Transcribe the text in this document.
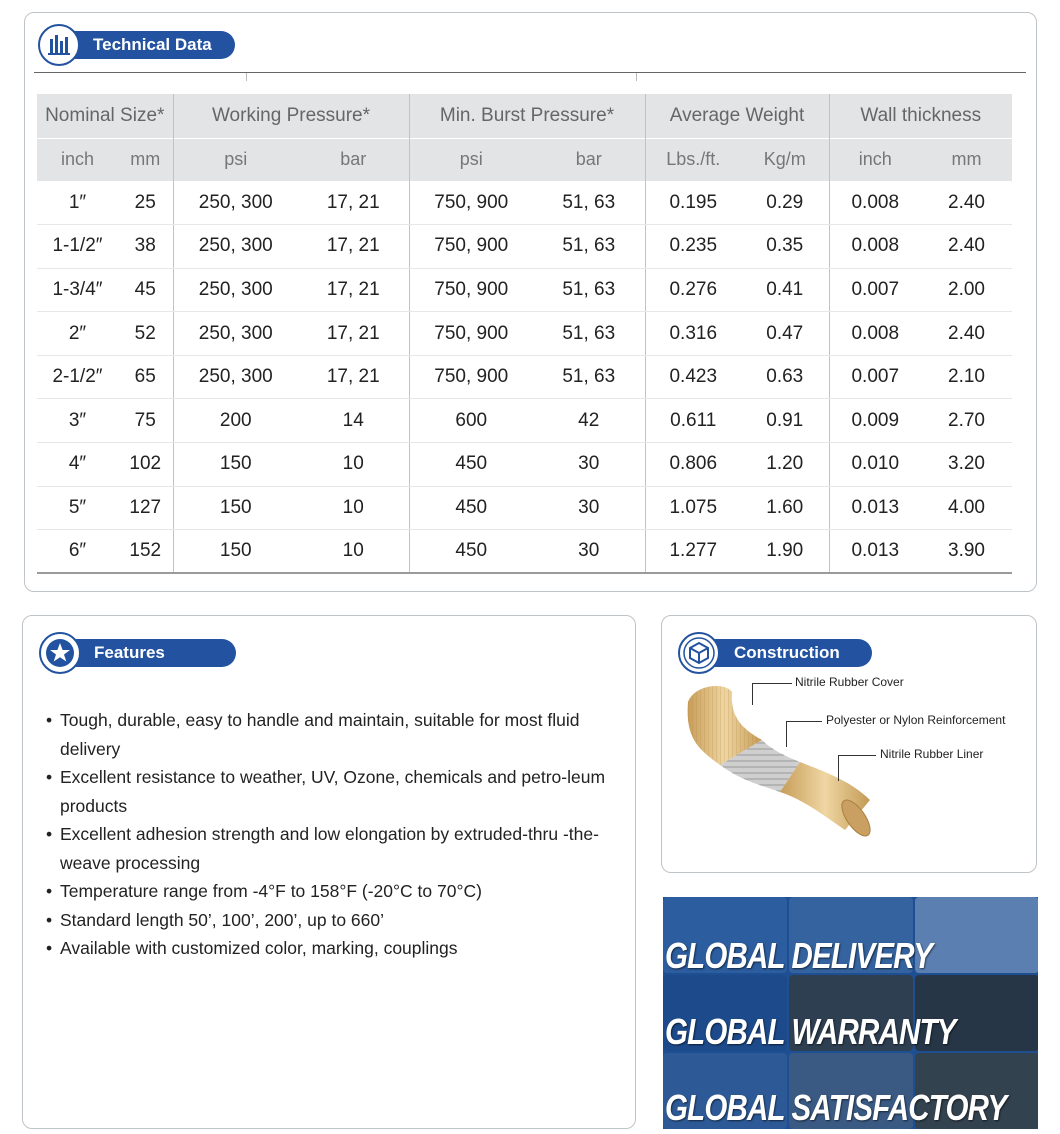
Technical Data
Nominal Size*		Working Pressure*		Min. Burst Pressure*		Average Weight		Wall thickness	
inch	mm	psi	bar	psi	bar	Lbs./ft.	Kg/m	inch	mm
1″	25	250, 300	17, 21	750, 900	51, 63	0.195	0.29	0.008	2.40
1-1/2″	38	250, 300	17, 21	750, 900	51, 63	0.235	0.35	0.008	2.40
1-3/4″	45	250, 300	17, 21	750, 900	51, 63	0.276	0.41	0.007	2.00
2″	52	250, 300	17, 21	750, 900	51, 63	0.316	0.47	0.008	2.40
2-1/2″	65	250, 300	17, 21	750, 900	51, 63	0.423	0.63	0.007	2.10
3″	75	200	14	600	42	0.611	0.91	0.009	2.70
4″	102	150	10	450	30	0.806	1.20	0.010	3.20
5″	127	150	10	450	30	1.075	1.60	0.013	4.00
6″	152	150	10	450	30	1.277	1.90	0.013	3.90
Features
• Tough, durable, easy to handle and maintain, suitable for most fluid delivery
• Excellent resistance to weather, UV, Ozone, chemicals and petro-leum products
• Excellent adhesion strength and low elongation by extruded-thru -the-weave processing
• Temperature range from -4°F to 158°F (-20°C to 70°C)
• Standard length 50’, 100’, 200’, up to 660’
• Available with customized color, marking, couplings
Construction
Nitrile Rubber Cover
Polyester or Nylon Reinforcement
Nitrile Rubber Liner
GLOBAL DELIVERY
GLOBAL WARRANTY
GLOBAL SATISFACTORY
